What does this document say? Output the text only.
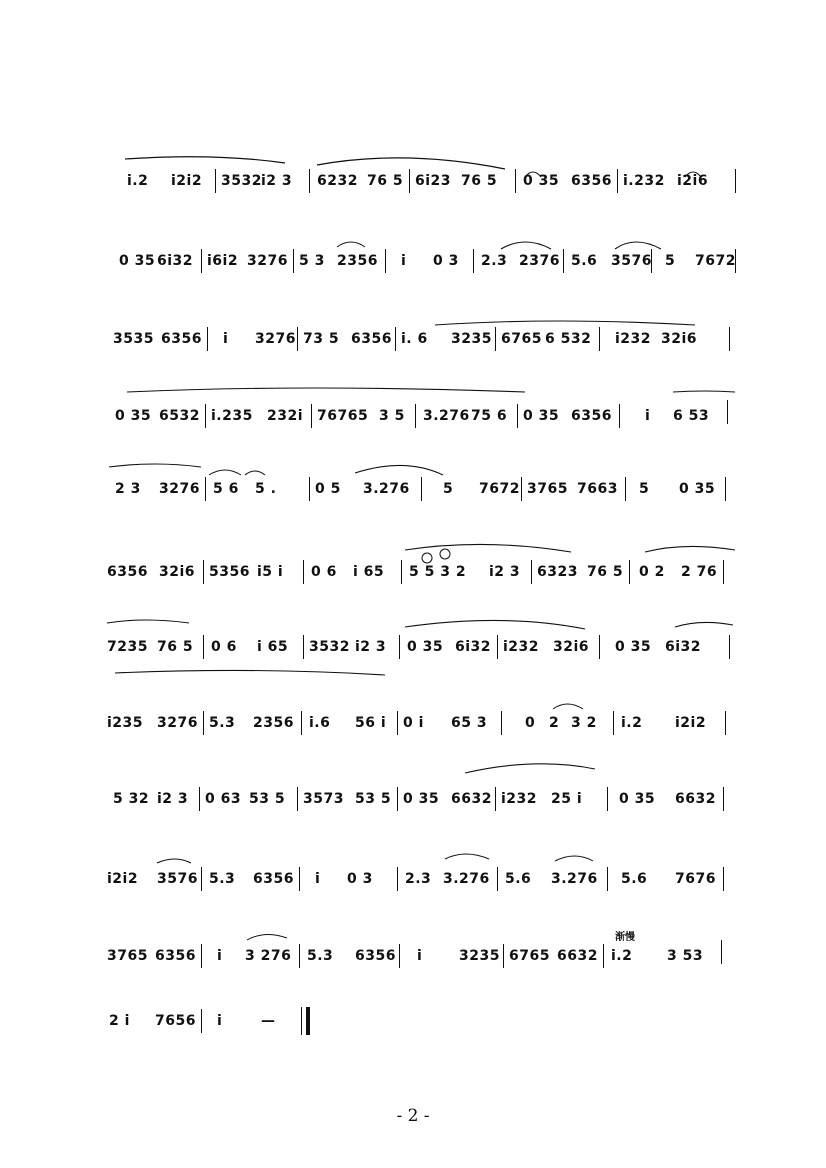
i.2 i2i2 3532 i2 3 6232 76 5 6i23 76 5 0 35 6356 i.232 i2i6
0 35 6i32 i6i2 3276 5 3 2356 i 0 3 2.3 2376 5.6 3576 5 7672
3535 6356 i 3276 73 5 6356 i. 6 3235 6765 6 532 i232 32i6
0 35 6532 i.235 232i 76765 3 5 3.276 75 6 0 35 6356 i 6 53
2 3 3276 5 6 5 .	0 5 3.276 5 7672 3765 7663 5 0 35
6356 32i6 5356 i5 i 0 6 i 65 5 5 3 2 i2 3 6323 76 5 0 2 2 76
7235 76 5 0 6 i 65 3532 i2 3 0 35 6i32 i232 32i6 0 35 6i32
i235 3276 5.3 2356 i.6 56 i 0 i 65 3	0 2 3 2 i.2 i2i2
5 32 i2 3 0 63 53 5 3573 53 5 0 35 6632 i232 25 i	0 35 6632
i2i2 3576 5.3 6356 i 0 3 2.3 3.276 5.6 3.276 5.6 7676
3765 6356 i 3 276 5.3 6356 i	3235 6765 6632
渐慢
i.2 3 53
2 i 7656 i	—
- 2 -
